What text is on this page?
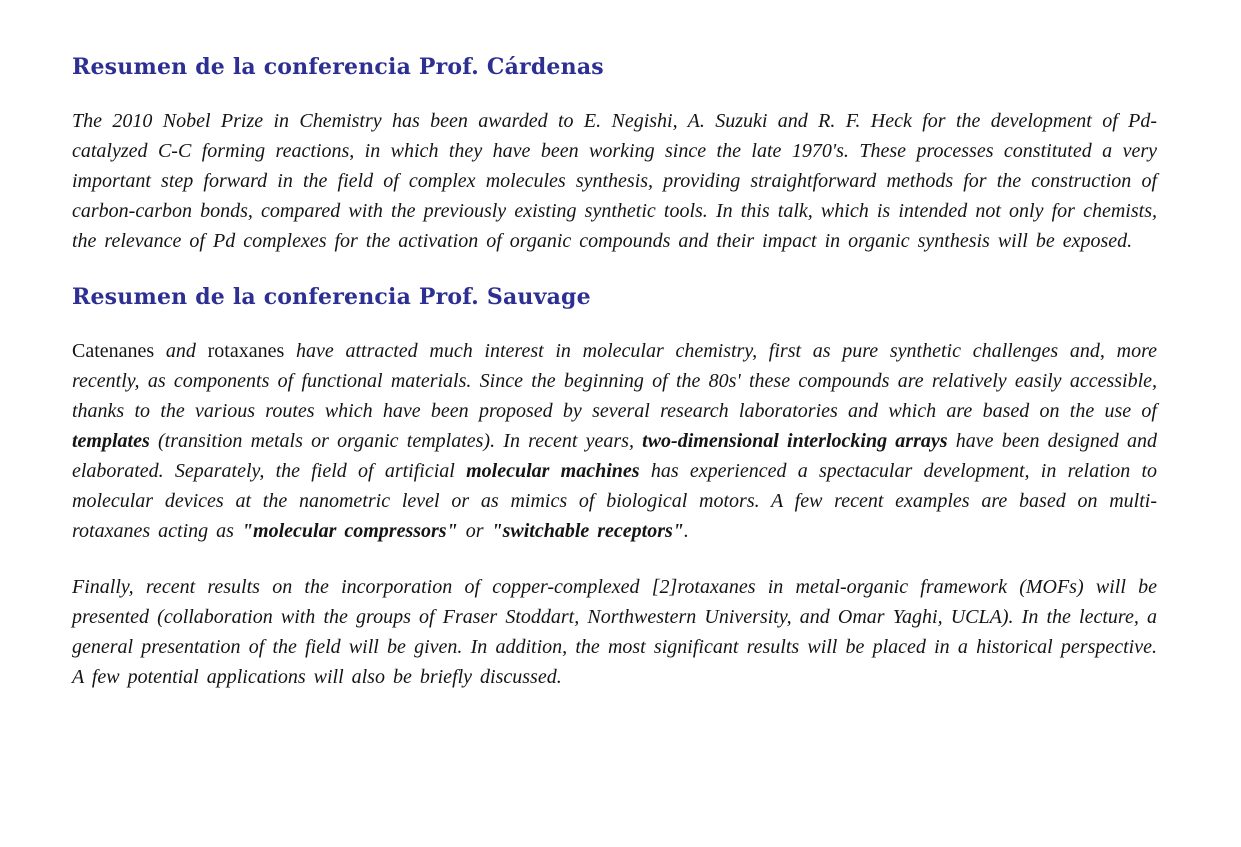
Resumen de la conferencia Prof. Cárdenas

The 2010 Nobel Prize in Chemistry has been awarded to E. Negishi, A. Suzuki and R. F. Heck for the development of Pd-catalyzed C-C forming reactions, in which they have been working since the late 1970's. These processes constituted a very important step forward in the field of complex molecules synthesis, providing straightforward methods for the construction of carbon-carbon bonds, compared with the previously existing synthetic tools. In this talk, which is intended not only for chemists, the relevance of Pd complexes for the activation of organic compounds and their impact in organic synthesis will be exposed.

Resumen de la conferencia Prof. Sauvage

Catenanes and rotaxanes have attracted much interest in molecular chemistry, first as pure synthetic challenges and, more recently, as components of functional materials. Since the beginning of the 80s' these compounds are relatively easily accessible, thanks to the various routes which have been proposed by several research laboratories and which are based on the use of templates (transition metals or organic templates). In recent years, two-dimensional interlocking arrays have been designed and elaborated. Separately, the field of artificial molecular machines has experienced a spectacular development, in relation to molecular devices at the nanometric level or as mimics of biological motors. A few recent examples are based on multi-rotaxanes acting as "molecular compressors" or "switchable receptors".

Finally, recent results on the incorporation of copper-complexed [2]rotaxanes in metal-organic framework (MOFs) will be presented (collaboration with the groups of Fraser Stoddart, Northwestern University, and Omar Yaghi, UCLA). In the lecture, a general presentation of the field will be given. In addition, the most significant results will be placed in a historical perspective. A few potential applications will also be briefly discussed.
